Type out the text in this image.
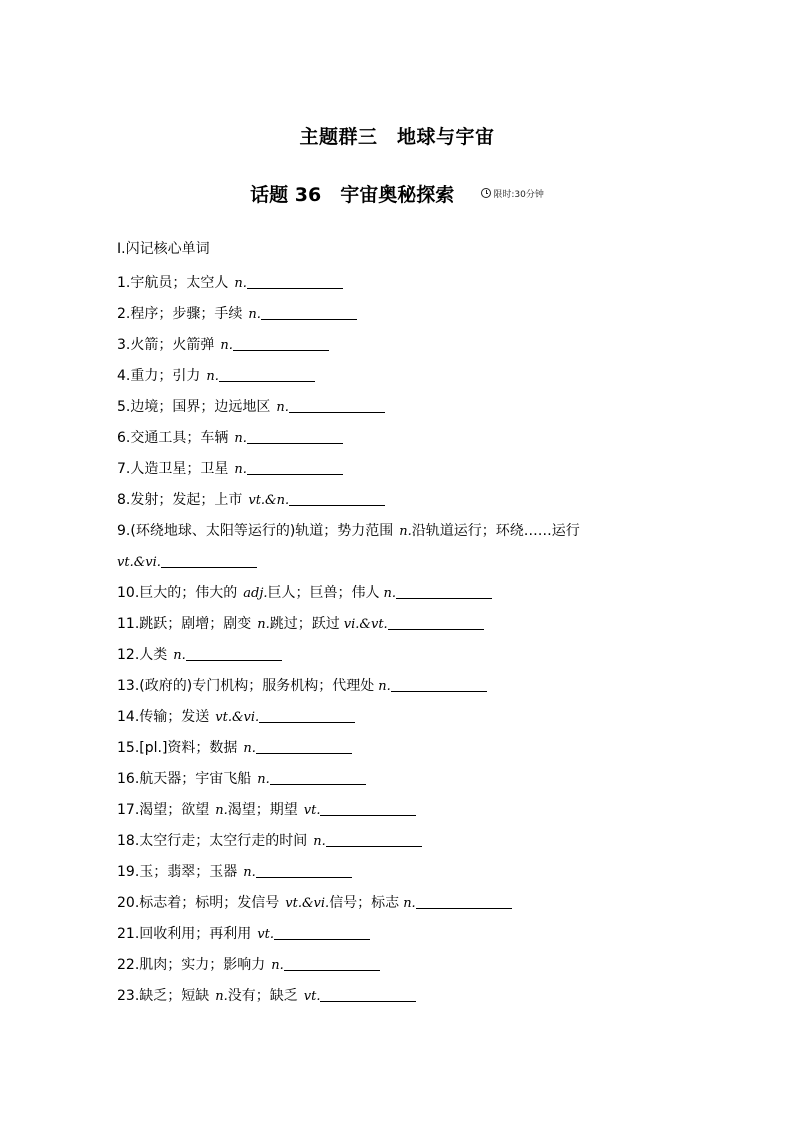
主题群三　地球与宇宙
话题 36　宇宙奥秘探索	限时:30分钟
Ⅰ.闪记核心单词
1.宇航员；太空人 n.
2.程序；步骤；手续 n.
3.火箭；火箭弹 n.
4.重力；引力 n.
5.边境；国界；边远地区 n.
6.交通工具；车辆 n.
7.人造卫星；卫星 n.
8.发射；发起；上市 vt.&n.
9.(环绕地球、太阳等运行的)轨道；势力范围 n.沿轨道运行；环绕……运行
vt.&vi.
10.巨大的；伟大的 adj.巨人；巨兽；伟人 n.
11.跳跃；剧增；剧变 n.跳过；跃过 vi.&vt.
12.人类 n.
13.(政府的)专门机构；服务机构；代理处 n.
14.传输；发送 vt.&vi.
15.[pl.]资料；数据 n.
16.航天器；宇宙飞船 n.
17.渴望；欲望 n.渴望；期望 vt.
18.太空行走；太空行走的时间 n.
19.玉；翡翠；玉器 n.
20.标志着；标明；发信号 vt.&vi.信号；标志 n.
21.回收利用；再利用 vt.
22.肌肉；实力；影响力 n.
23.缺乏；短缺 n.没有；缺乏 vt.
